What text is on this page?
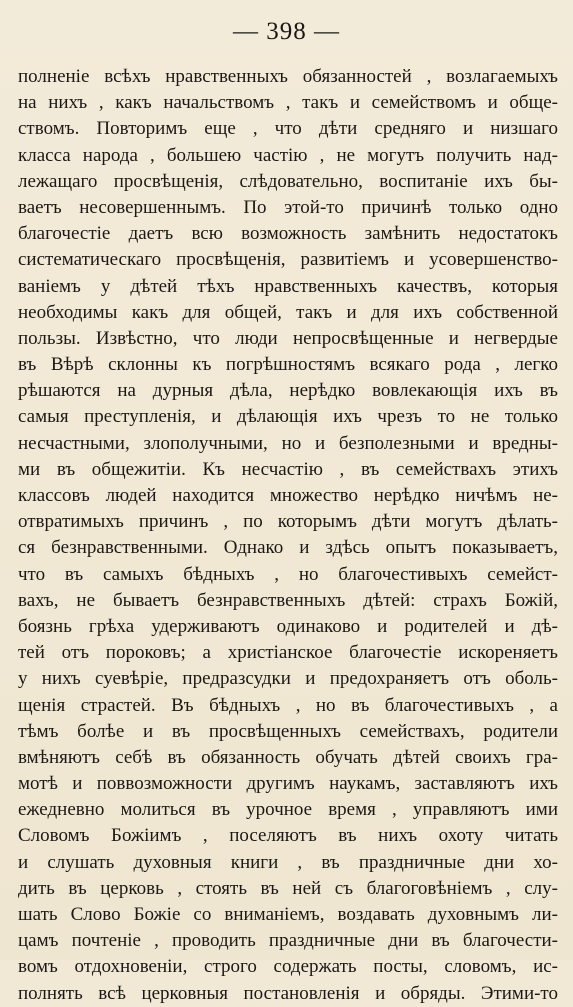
— 398 —
полненіе всѣхъ нравственныхъ обязанностей , возлагаемыхъ
на нихъ , какъ начальствомъ , такъ и семействомъ и обще-
ствомъ. Повторимъ еще , что дѣти средняго и низшаго
класса народа , большею частію , не могутъ получить над-
лежащаго просвѣщенія, слѣдовательно, воспитаніе ихъ бы-
ваетъ несовершеннымъ. По этой-то причинѣ только одно
благочестіе даетъ всю возможность замѣнить недостатокъ
систематическаго просвѣщенія, развитіемъ и усовершенство-
ваніемъ у дѣтей тѣхъ нравственныхъ качествъ, которыя
необходимы какъ для общей, такъ и для ихъ собственной
пользы. Извѣстно, что люди непросвѣщенные и негвердые
въ Вѣрѣ склонны къ погрѣшностямъ всякаго рода , легко
рѣшаются на дурныя дѣла, нерѣдко вовлекающія ихъ въ
самыя преступленія, и дѣлающія ихъ чрезъ то не только
несчастными, злополучными, но и безполезными и вредны-
ми въ общежитіи. Къ несчастію , въ семействахъ этихъ
классовъ людей находится множество нерѣдко ничѣмъ не-
отвратимыхъ причинъ , по которымъ дѣти могутъ дѣлать-
ся безнравственными. Однако и здѣсь опытъ показываетъ,
что въ самыхъ бѣдныхъ , но благочестивыхъ семейст-
вахъ, не бываетъ безнравственныхъ дѣтей: страхъ Божій,
боязнь грѣха удерживаютъ одинаково и родителей и дѣ-
тей отъ пороковъ; а христіанское благочестіе искореняетъ
у нихъ суевѣріе, предразсудки и предохраняетъ отъ оболь-
щенія страстей. Въ бѣдныхъ , но въ благочестивыхъ , а
тѣмъ болѣе и въ просвѣщенныхъ семействахъ, родители
вмѣняютъ себѣ въ обязанность обучать дѣтей своихъ гра-
мотѣ и поввозможности другимъ наукамъ, заставляютъ ихъ
ежедневно молиться въ урочное время , управляютъ ими
Словомъ Божіимъ , поселяютъ въ нихъ охоту читать
и слушать духовныя книги , въ праздничные дни хо-
дить въ церковь , стоять въ ней съ благоговѣніемъ , слу-
шать Слово Божіе со вниманіемъ, воздавать духовнымъ ли-
цамъ почтеніе , проводить праздничные дни въ благочести-
вомъ отдохновеніи, строго содержать посты, словомъ, ис-
полнять всѣ церковныя постановленія и обряды. Этими-то
